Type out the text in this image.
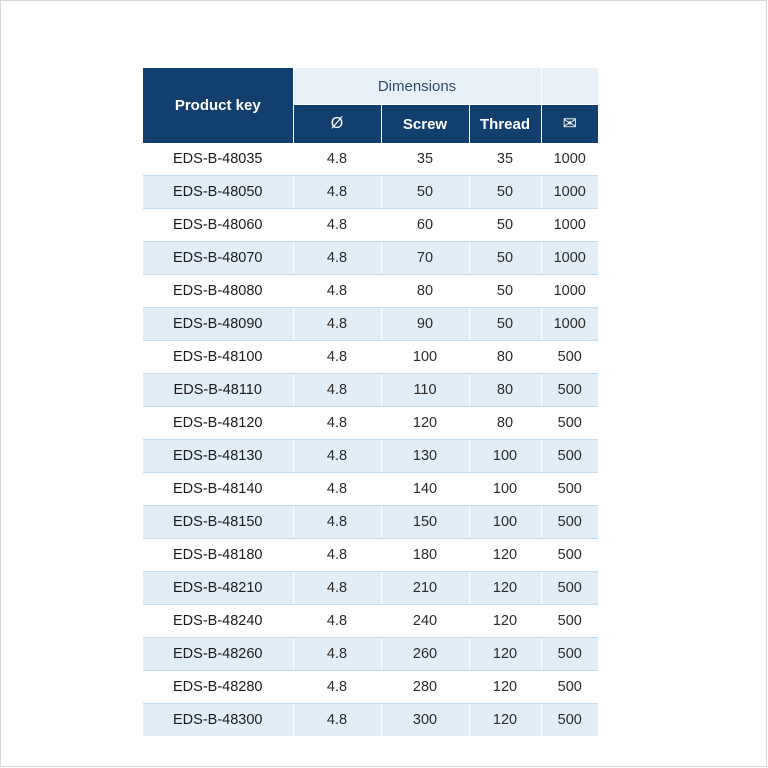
Product key	Dimensions			
	Ø	Screw	Thread	✉
EDS-B-48035	4.8	35	35	1000
EDS-B-48050	4.8	50	50	1000
EDS-B-48060	4.8	60	50	1000
EDS-B-48070	4.8	70	50	1000
EDS-B-48080	4.8	80	50	1000
EDS-B-48090	4.8	90	50	1000
EDS-B-48100	4.8	100	80	500
EDS-B-48110	4.8	110	80	500
EDS-B-48120	4.8	120	80	500
EDS-B-48130	4.8	130	100	500
EDS-B-48140	4.8	140	100	500
EDS-B-48150	4.8	150	100	500
EDS-B-48180	4.8	180	120	500
EDS-B-48210	4.8	210	120	500
EDS-B-48240	4.8	240	120	500
EDS-B-48260	4.8	260	120	500
EDS-B-48280	4.8	280	120	500
EDS-B-48300	4.8	300	120	500
